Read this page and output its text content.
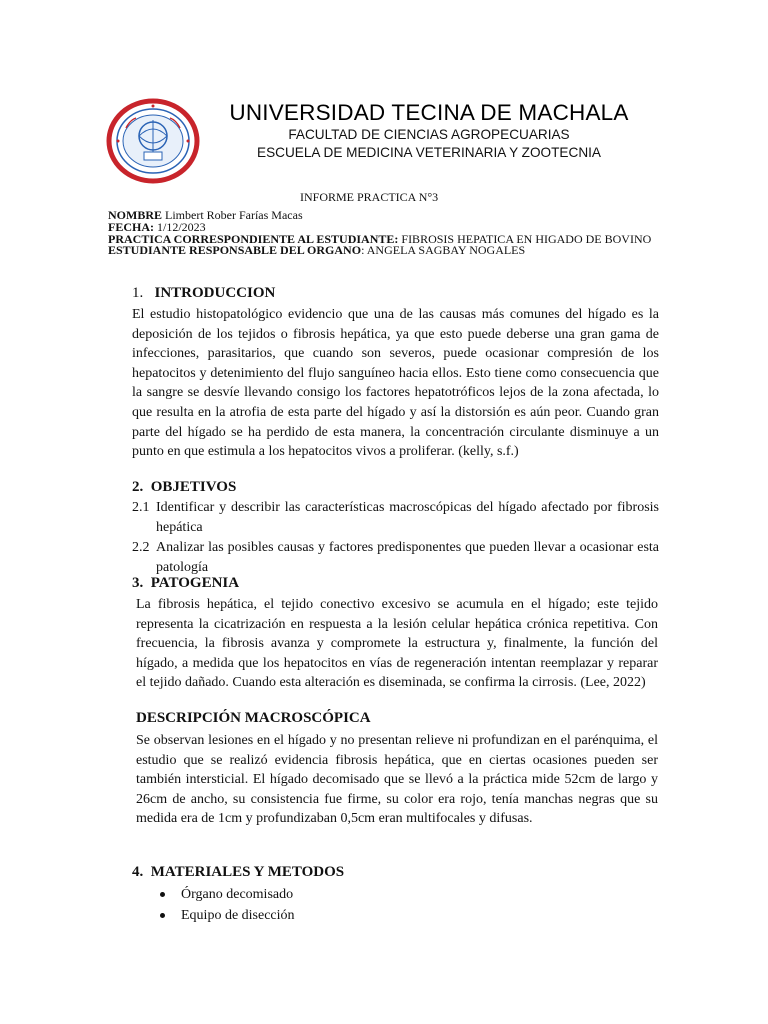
UNIVERSIDAD TECINA DE MACHALA
FACULTAD DE CIENCIAS AGROPECUARIAS
ESCUELA DE MEDICINA VETERINARIA Y ZOOTECNIA
INFORME PRACTICA N°3
NOMBRE Limbert Rober Farías Macas
FECHA: 1/12/2023
PRACTICA CORRESPONDIENTE AL ESTUDIANTE: FIBROSIS HEPATICA EN HIGADO DE BOVINO
ESTUDIANTE RESPONSABLE DEL ORGANO: ANGELA SAGBAY NOGALES
1. INTRODUCCION

El estudio histopatológico evidencio que una de las causas más comunes del hígado es la deposición de los tejidos o fibrosis hepática, ya que esto puede deberse una gran gama de infecciones, parasitarios, que cuando son severos, puede ocasionar compresión de los hepatocitos y detenimiento del flujo sanguíneo hacia ellos. Esto tiene como consecuencia que la sangre se desvíe llevando consigo los factores hepatotróficos lejos de la zona afectada, lo que resulta en la atrofia de esta parte del hígado y así la distorsión es aún peor. Cuando gran parte del hígado se ha perdido de esta manera, la concentración circulante disminuye a un punto en que estimula a los hepatocitos vivos a proliferar. (kelly, s.f.)

2. OBJETIVOS
2.1 Identificar y describir las características macroscópicas del hígado afectado por fibrosis hepática
2.2 Analizar las posibles causas y factores predisponentes que pueden llevar a ocasionar esta patología
3. PATOGENIA

La fibrosis hepática, el tejido conectivo excesivo se acumula en el hígado; este tejido representa la cicatrización en respuesta a la lesión celular hepática crónica repetitiva. Con frecuencia, la fibrosis avanza y compromete la estructura y, finalmente, la función del hígado, a medida que los hepatocitos en vías de regeneración intentan reemplazar y reparar el tejido dañado. Cuando esta alteración es diseminada, se confirma la cirrosis. (Lee, 2022)

DESCRIPCIÓN MACROSCÓPICA

Se observan lesiones en el hígado y no presentan relieve ni profundizan en el parénquima, el estudio que se realizó evidencia fibrosis hepática, que en ciertas ocasiones pueden ser también intersticial. El hígado decomisado que se llevó a la práctica mide 52cm de largo y 26cm de ancho, su consistencia fue firme, su color era rojo, tenía manchas negras que su medida era de 1cm y profundizaban 0,5cm eran multifocales y difusas.

4. MATERIALES Y METODOS
Órgano decomisado
Equipo de disección
